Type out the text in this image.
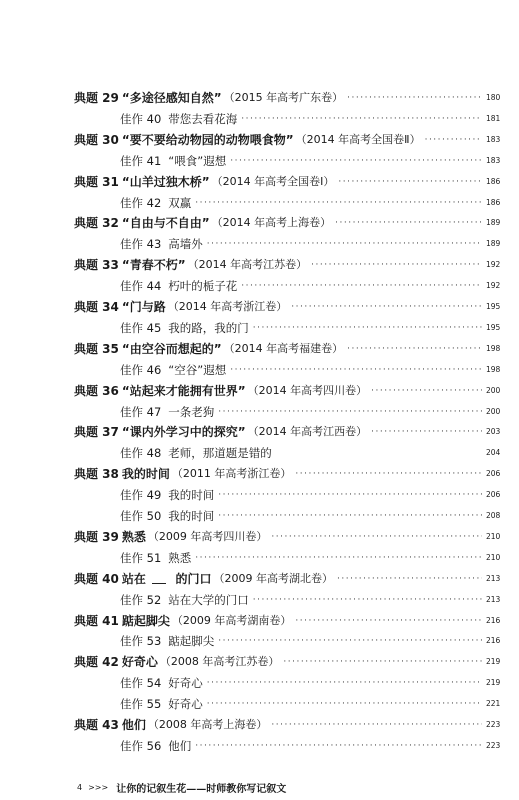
典题 29 “多途径感知自然” （2015 年高考广东卷） ·····	180
佳作 40 带您去看花海 ·····	181
典题 30 “要不要给动物园的动物喂食物” （2014 年高考全国卷Ⅱ） ·····	183
佳作 41 “喂食”遐想 ·····	183
典题 31 “山羊过独木桥” （2014 年高考全国卷Ⅰ） ·····	186
佳作 42 双赢 ·····	186
典题 32 “自由与不自由” （2014 年高考上海卷） ·····	189
佳作 43 高墙外 ·····	189
典题 33 “青春不朽” （2014 年高考江苏卷） ·····	192
佳作 44 朽叶的栀子花 ·····	192
典题 34 “门与路 （2014 年高考浙江卷） ·····	195
佳作 45 我的路，我的门 ·····	195
典题 35 “由空谷而想起的” （2014 年高考福建卷） ·····	198
佳作 46 “空谷”遐想 ·····	198
典题 36 “站起来才能拥有世界” （2014 年高考四川卷） ·····	200
佳作 47 一条老狗 ·····	200
典题 37 “课内外学习中的探究” （2014 年高考江西卷） ·····	203
佳作 48 老师，那道题是错的	204
典题 38 我的时间 （2011 年高考浙江卷） ·····	206
佳作 49 我的时间 ·····	206
佳作 50 我的时间 ·····	208
典题 39 熟悉 （2009 年高考四川卷） ·····	210
佳作 51 熟悉 ·····	210
典题 40 站在 的门口 （2009 年高考湖北卷） ·····	213
佳作 52 站在大学的门口 ·····	213
典题 41 踮起脚尖 （2009 年高考湖南卷） ·····	216
佳作 53 踮起脚尖 ·····	216
典题 42 好奇心 （2008 年高考江苏卷） ·····	219
佳作 54 好奇心 ·····	219
佳作 55 好奇心 ·····	221
典题 43 他们 （2008 年高考上海卷） ·····	223
佳作 56 他们 ·····	223
4 >>> 让你的记叙生花——时师教你写记叙文
